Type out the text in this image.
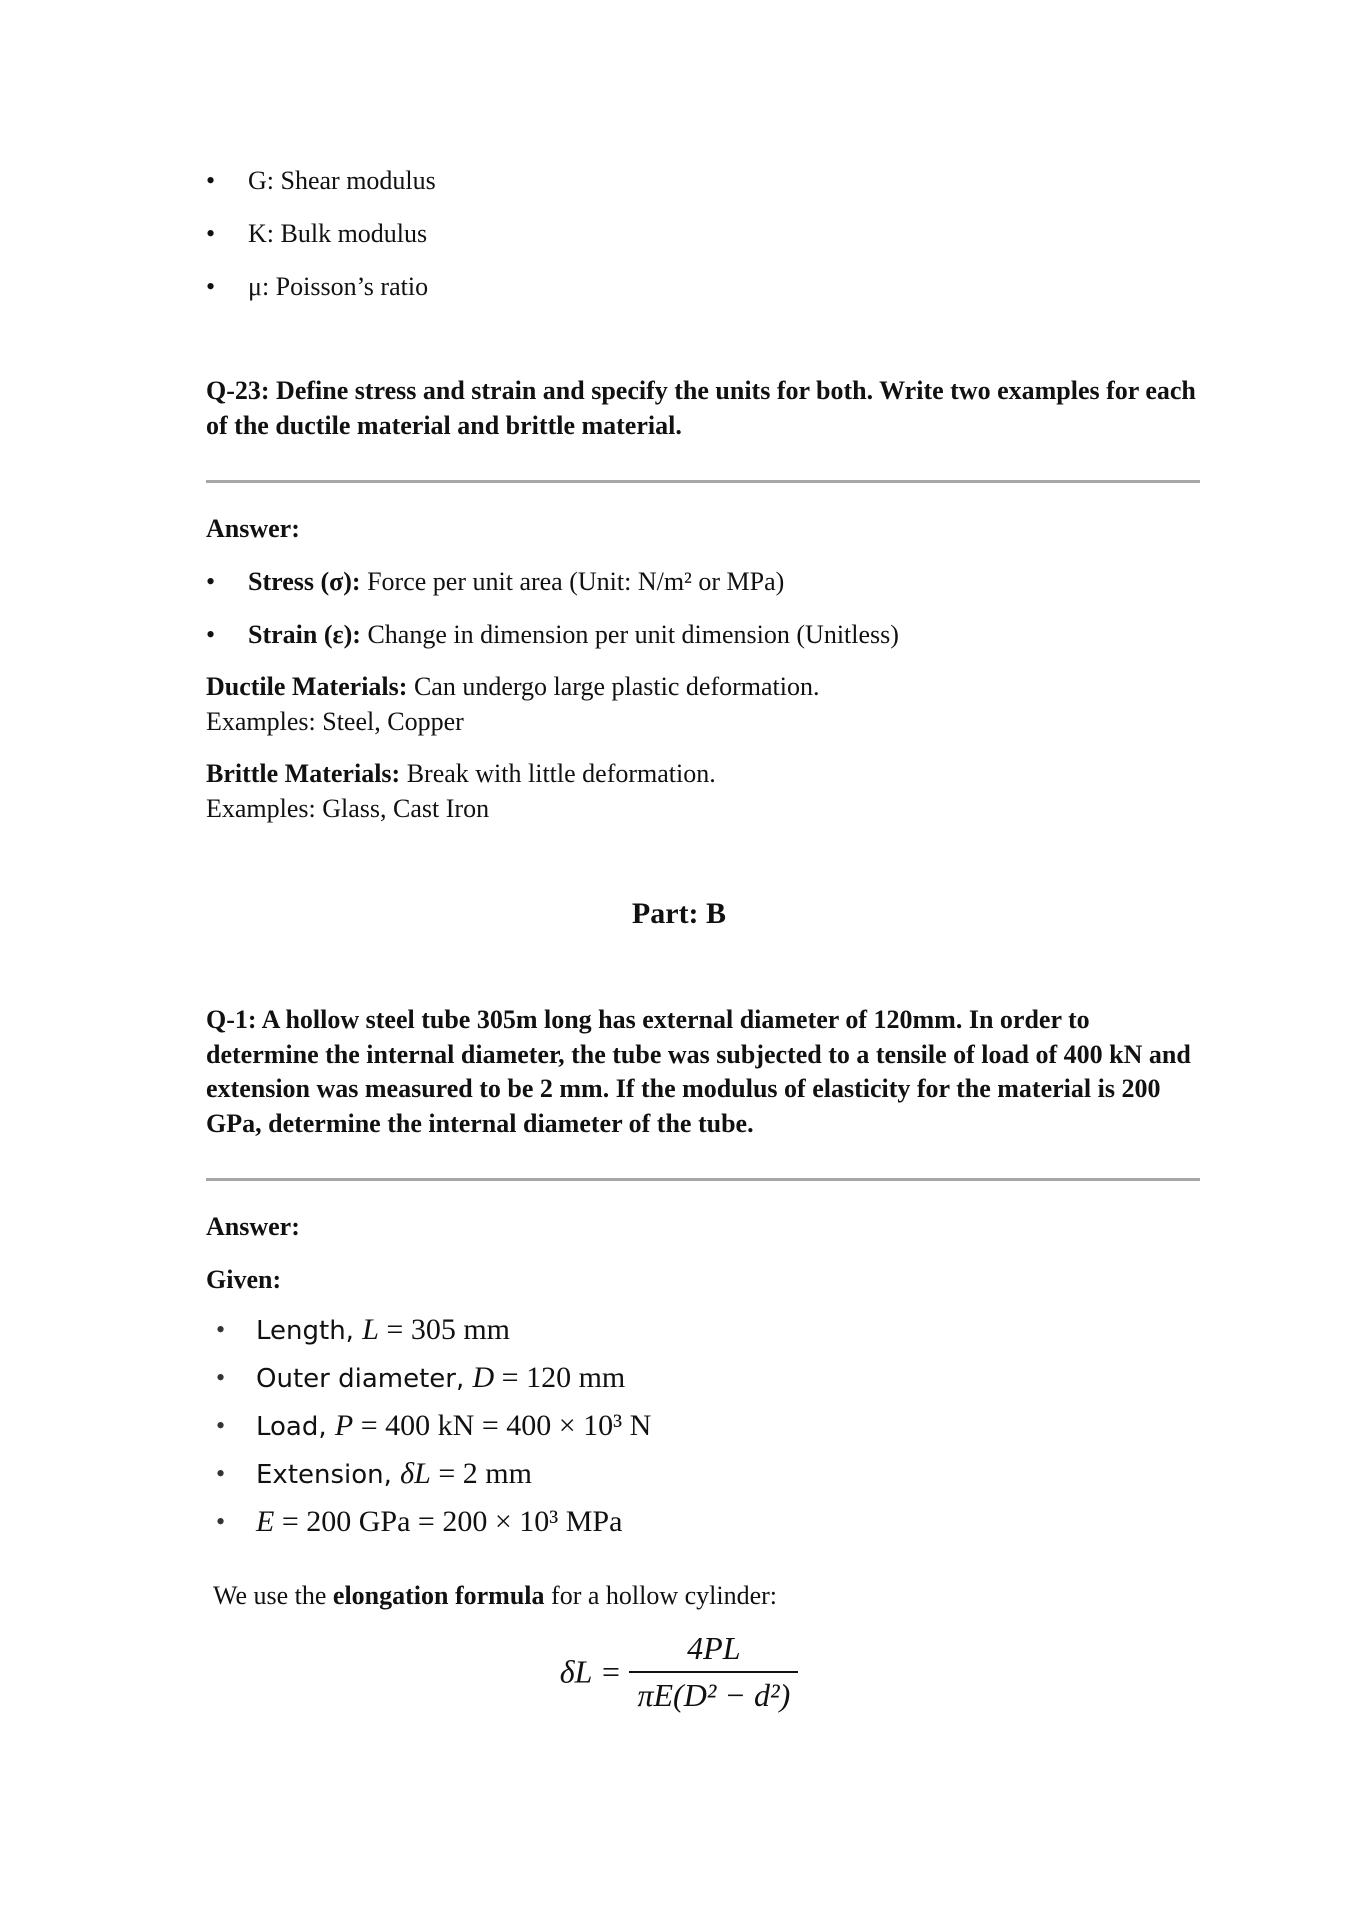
• G: Shear modulus
• K: Bulk modulus
• μ: Poisson’s ratio
Q-23: Define stress and strain and specify the units for both. Write two examples for each of the ductile material and brittle material.
Answer:
• Stress (σ): Force per unit area (Unit: N/m² or MPa)
• Strain (ε): Change in dimension per unit dimension (Unitless)
Ductile Materials: Can undergo large plastic deformation.
Examples: Steel, Copper
Brittle Materials: Break with little deformation.
Examples: Glass, Cast Iron
Part: B
Q-1: A hollow steel tube 305m long has external diameter of 120mm. In order to determine the internal diameter, the tube was subjected to a tensile of load of 400 kN and extension was measured to be 2 mm. If the modulus of elasticity for the material is 200 GPa, determine the internal diameter of the tube.
Answer:
Given:
• Length, L = 305 mm
• Outer diameter, D = 120 mm
• Load, P = 400 kN = 400 × 10³ N
• Extension, δL = 2 mm
• E = 200 GPa = 200 × 10³ MPa
We use the elongation formula for a hollow cylinder:
$\delta L = \frac{4PL}{\text{πE(D² − d²)}}$
